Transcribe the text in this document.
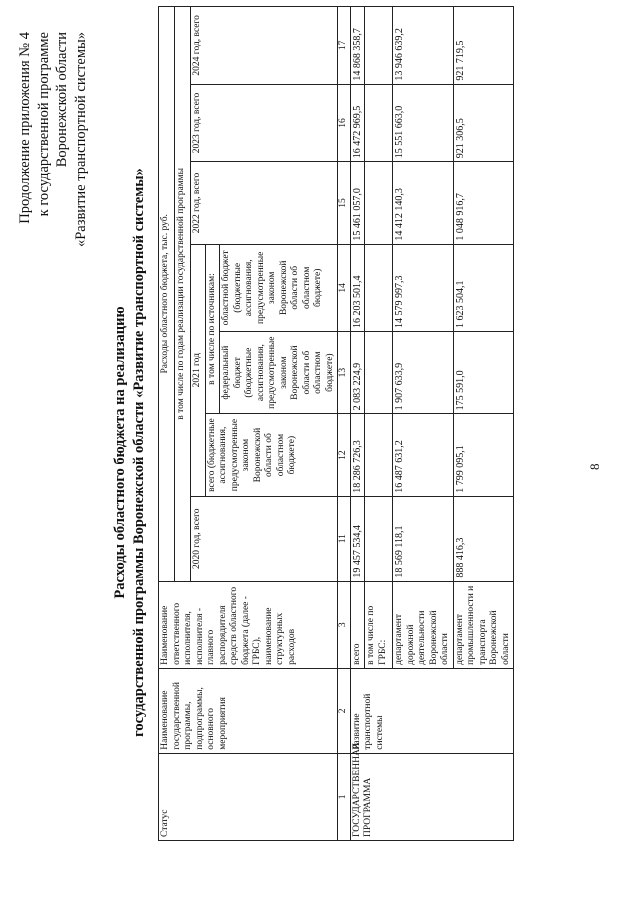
8
Продолжение приложения № 4 к государственной программе Воронежской области «Развитие транспортной системы»
Расходы областного бюджета на реализацию государственной программы Воронежской области «Развитие транспортной системы»
Статус	Наименование государственной программы, подпрограммы, основного мероприятия	Наименование ответственного исполнителя, исполнителя - главного распорядителя средств областного бюджета (далее - ГРБС), наименование структурных расходов	Расходы областного бюджета, тыс. руб.						
			в том числе по годам реализации государственной программы						
			2020 год, всего	2021 год			2022 год, всего	2023 год, всего	2024 год, всего
				всего (бюджетные ассигнования, предусмотренные законом Воронежской области об областном бюджете)	в том числе по источникам:				
					федеральный бюджет (бюджетные ассигнования, предусмотренные законом Воронежской области об областном бюджете)	областной бюджет (бюджетные ассигнования, предусмотренные законом Воронежской области об областном бюджете)			
1	2	3	11	12	13	14	15	16	17
ГОСУДАРСТВЕННАЯ ПРОГРАММА	Развитие транспортной системы	всего	19 457 534,4	18 286 726,3	2 083 224,9	16 203 501,4	15 461 057,0	16 472 969,5	14 868 358,7
		в том числе по ГРБС:							
		департамент дорожной деятельности Воронежской области	18 569 118,1	16 487 631,2	1 907 633,9	14 579 997,3	14 412 140,3	15 551 663,0	13 946 639,2
		департамент промышленности и транспорта Воронежской области	888 416,3	1 799 095,1	175 591,0	1 623 504,1	1 048 916,7	921 306,5	921 719,5
